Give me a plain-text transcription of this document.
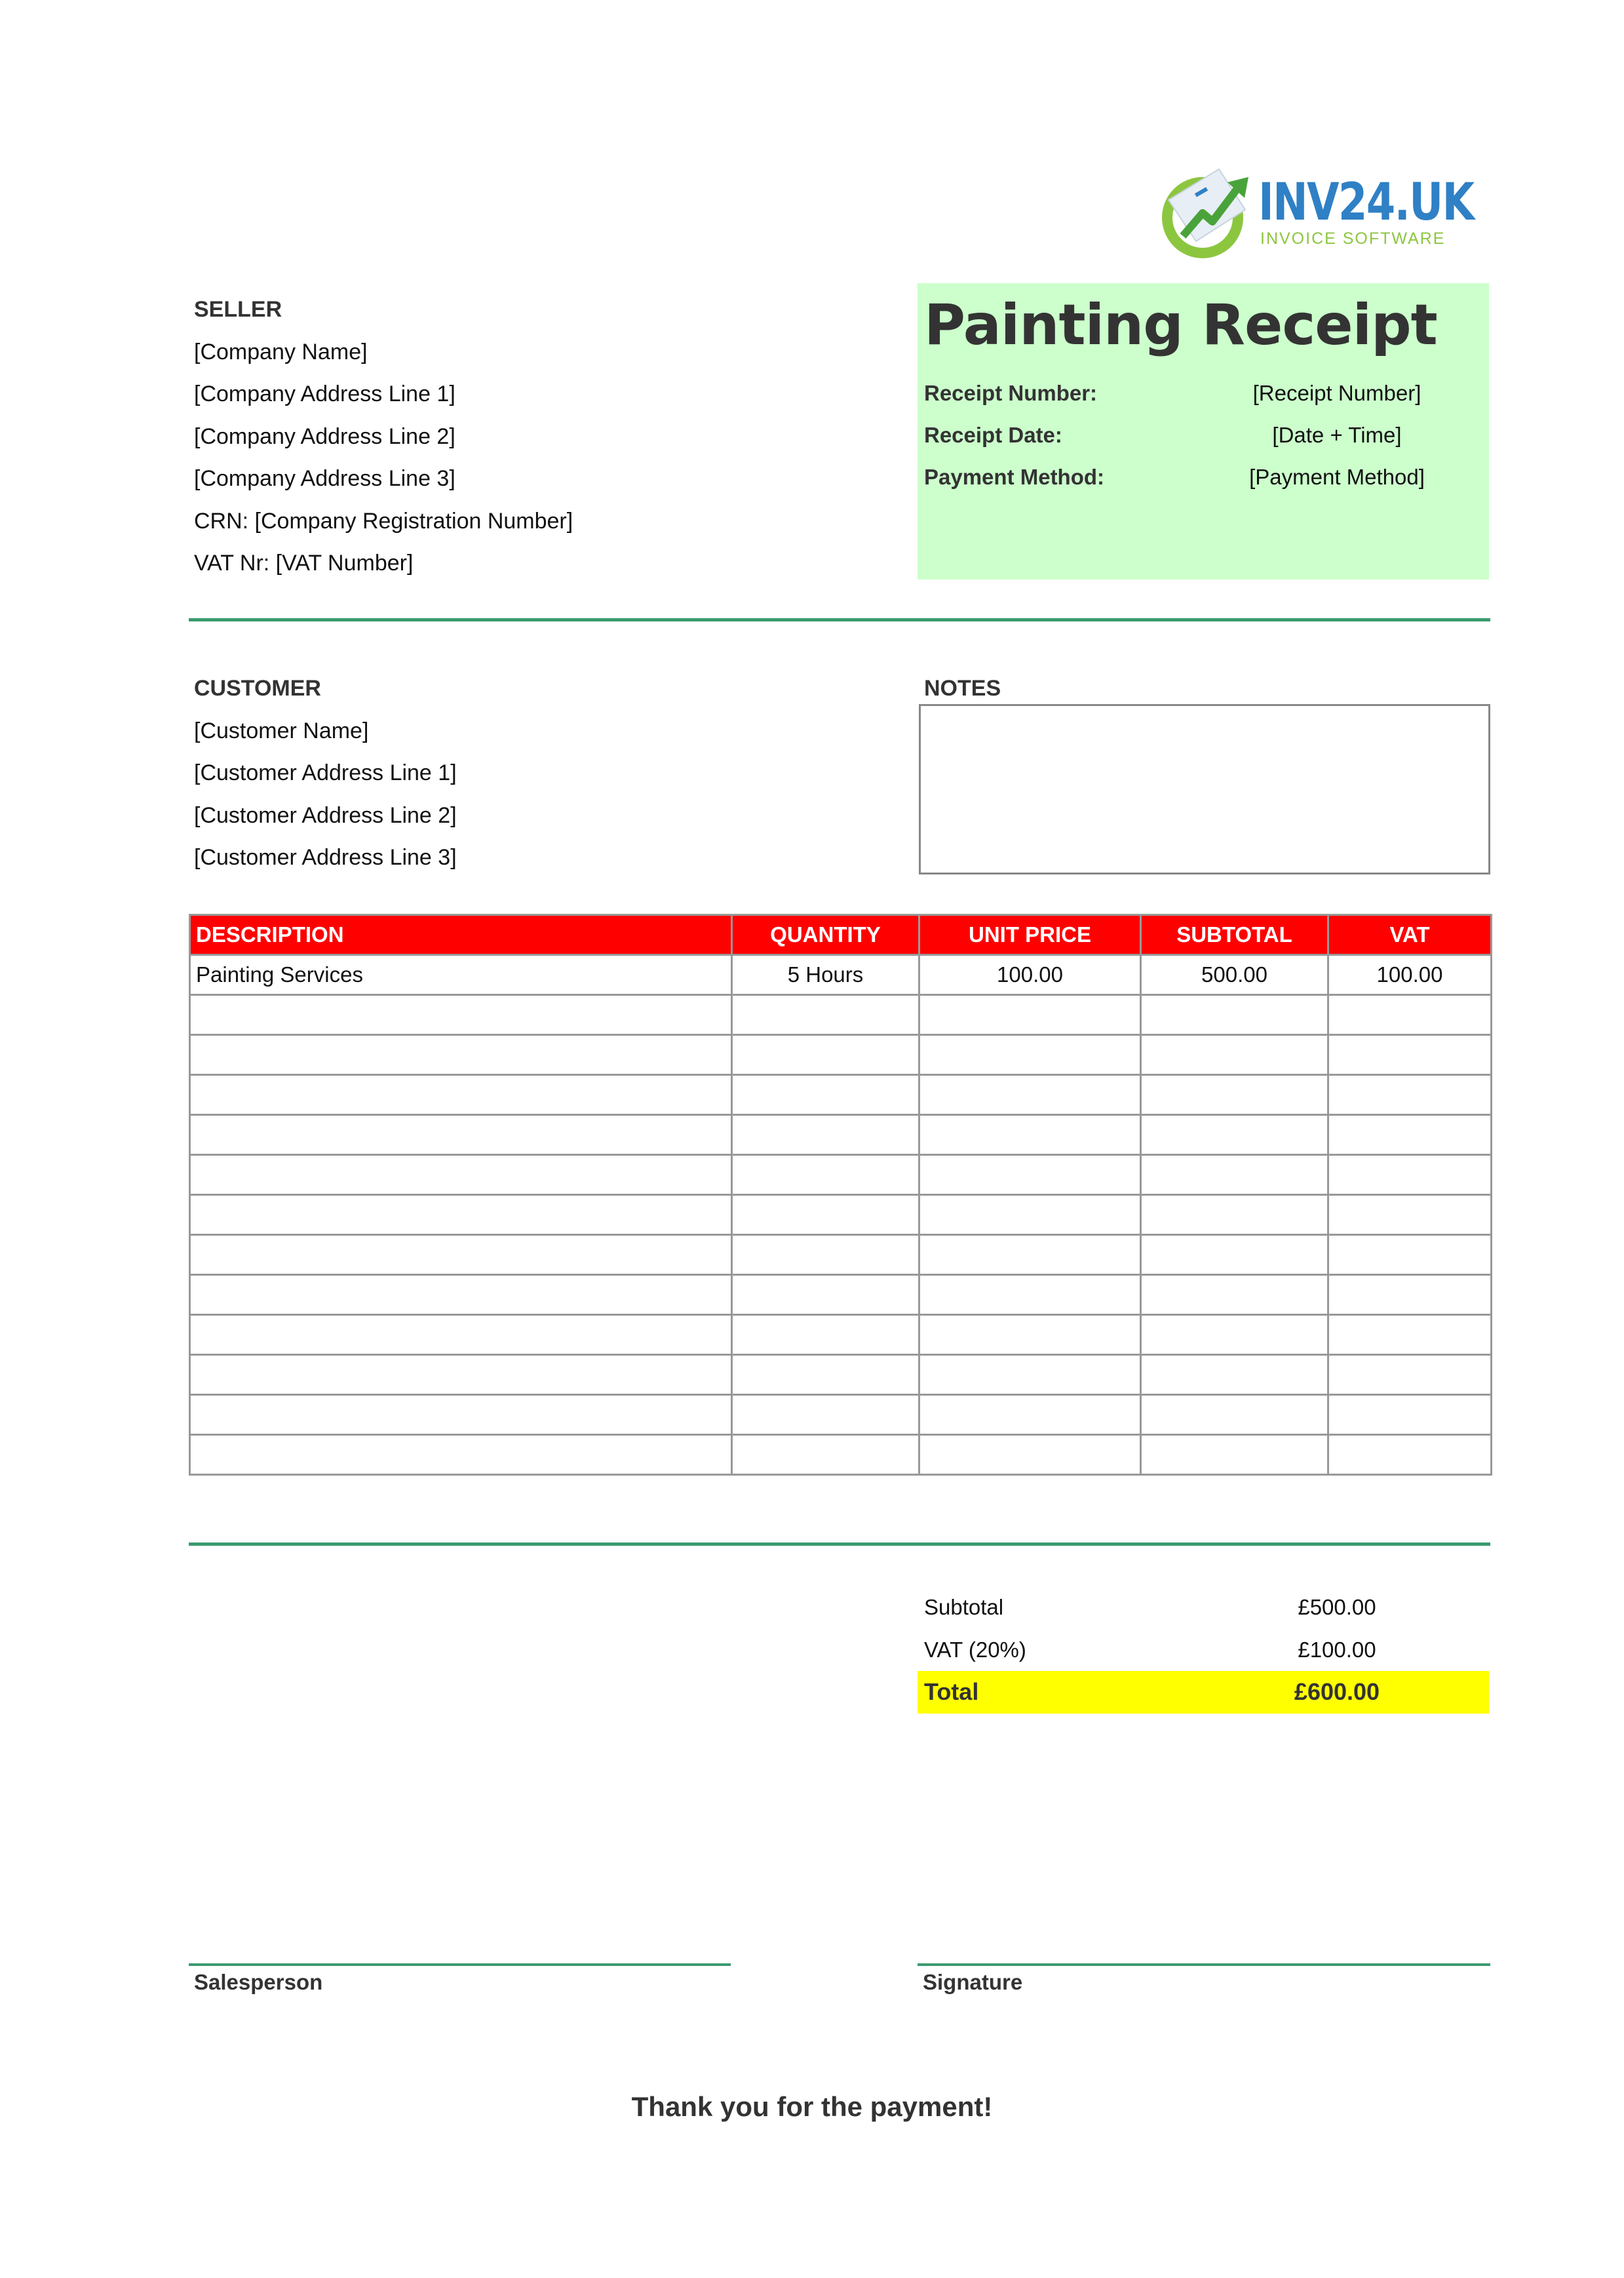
INV24.UK
INVOICE SOFTWARE
SELLER
[Company Name]
[Company Address Line 1]
[Company Address Line 2]
[Company Address Line 3]
CRN: [Company Registration Number]
VAT Nr: [VAT Number]
Painting Receipt
Receipt Number:	[Receipt Number]
Receipt Date:	[Date + Time]
Payment Method:	[Payment Method]
CUSTOMER
[Customer Name]
[Customer Address Line 1]
[Customer Address Line 2]
[Customer Address Line 3]
NOTES
DESCRIPTION	QUANTITY	UNIT PRICE	SUBTOTAL	VAT
Painting Services	5 Hours	100.00	500.00	100.00

Subtotal	£500.00
VAT (20%)	£100.00
Total	£600.00
Salesperson	Signature
Thank you for the payment!
